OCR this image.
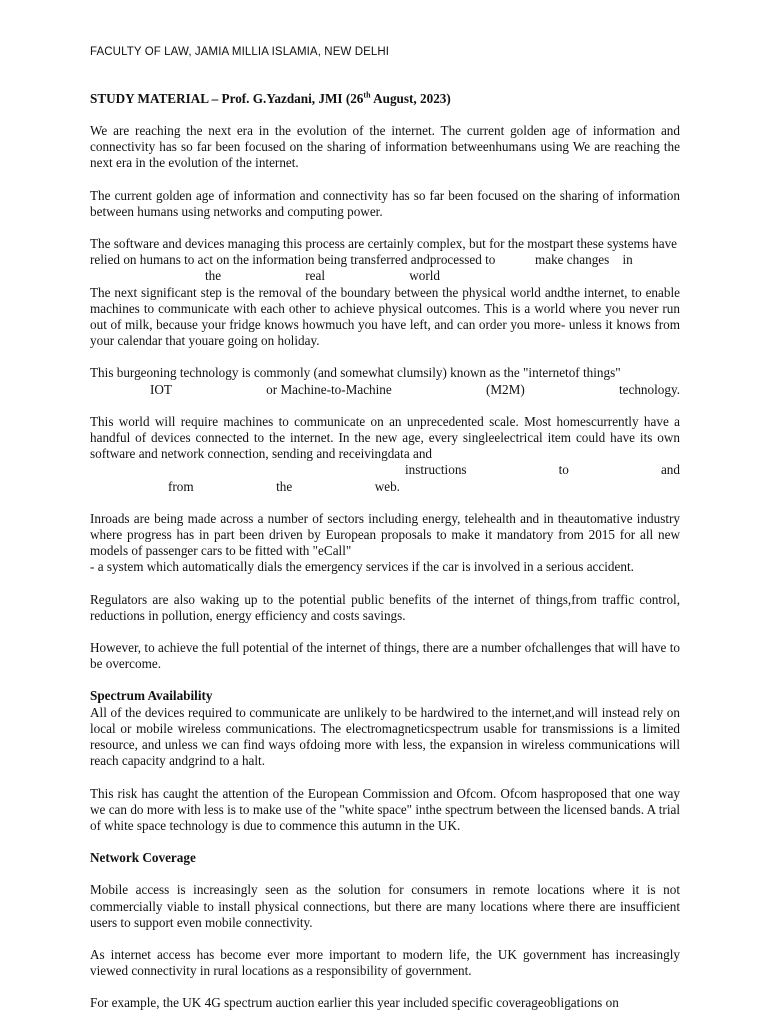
FACULTY OF LAW, JAMIA MILLIA ISLAMIA, NEW DELHI
STUDY MATERIAL – Prof. G.Yazdani, JMI (26th August, 2023)

We are reaching the next era in the evolution of the internet. The current golden age of information and connectivity has so far been focused on the sharing of information betweenhumans using We are reaching the next era in the evolution of the internet.

The current golden age of information and connectivity has so far been focused on the sharing of information between humans using networks and computing power.

The software and devices managing this process are certainly complex, but for the mostpart these systems have relied on humans to act on the information being transferred andprocessed to	make changes in

the	real	world

The next significant step is the removal of the boundary between the physical world andthe internet, to enable machines to communicate with each other to achieve physical outcomes. This is a world where you never run out of milk, because your fridge knows howmuch you have left, and can order you more- unless it knows from your calendar that youare going on holiday.

This burgeoning technology is commonly (and somewhat clumsily) known as the "internetof things"

IOT	or Machine-to-Machine	(M2M)	technology.

This world will require machines to communicate on an unprecedented scale. Most homescurrently have a handful of devices connected to the internet. In the new age, every singleelectrical item could have its own software and network connection, sending and receivingdata and

instructions	to	and
from	the	web.

Inroads are being made across a number of sectors including energy, telehealth and in theautomative industry where progress has in part been driven by European proposals to make it mandatory from 2015 for all new models of passenger cars to be fitted with "eCall"

- a system which automatically dials the emergency services if the car is involved in a serious accident.

Regulators are also waking up to the potential public benefits of the internet of things,from traffic control, reductions in pollution, energy efficiency and costs savings.

However, to achieve the full potential of the internet of things, there are a number ofchallenges that will have to be overcome.

Spectrum Availability

All of the devices required to communicate are unlikely to be hardwired to the internet,and will instead rely on local or mobile wireless communications. The electromagneticspectrum usable for transmissions is a limited resource, and unless we can find ways ofdoing more with less, the expansion in wireless communications will reach capacity andgrind to a halt.

This risk has caught the attention of the European Commission and Ofcom. Ofcom hasproposed that one way we can do more with less is to make use of the "white space" inthe spectrum between the licensed bands. A trial of white space technology is due to commence this autumn in the UK.

Network Coverage

Mobile access is increasingly seen as the solution for consumers in remote locations where it is not commercially viable to install physical connections, but there are many locations where there are insufficient users to support even mobile connectivity.

As internet access has become ever more important to modern life, the UK government has increasingly viewed connectivity in rural locations as a responsibility of government.

For example, the UK 4G spectrum auction earlier this year included specific coverageobligations on
